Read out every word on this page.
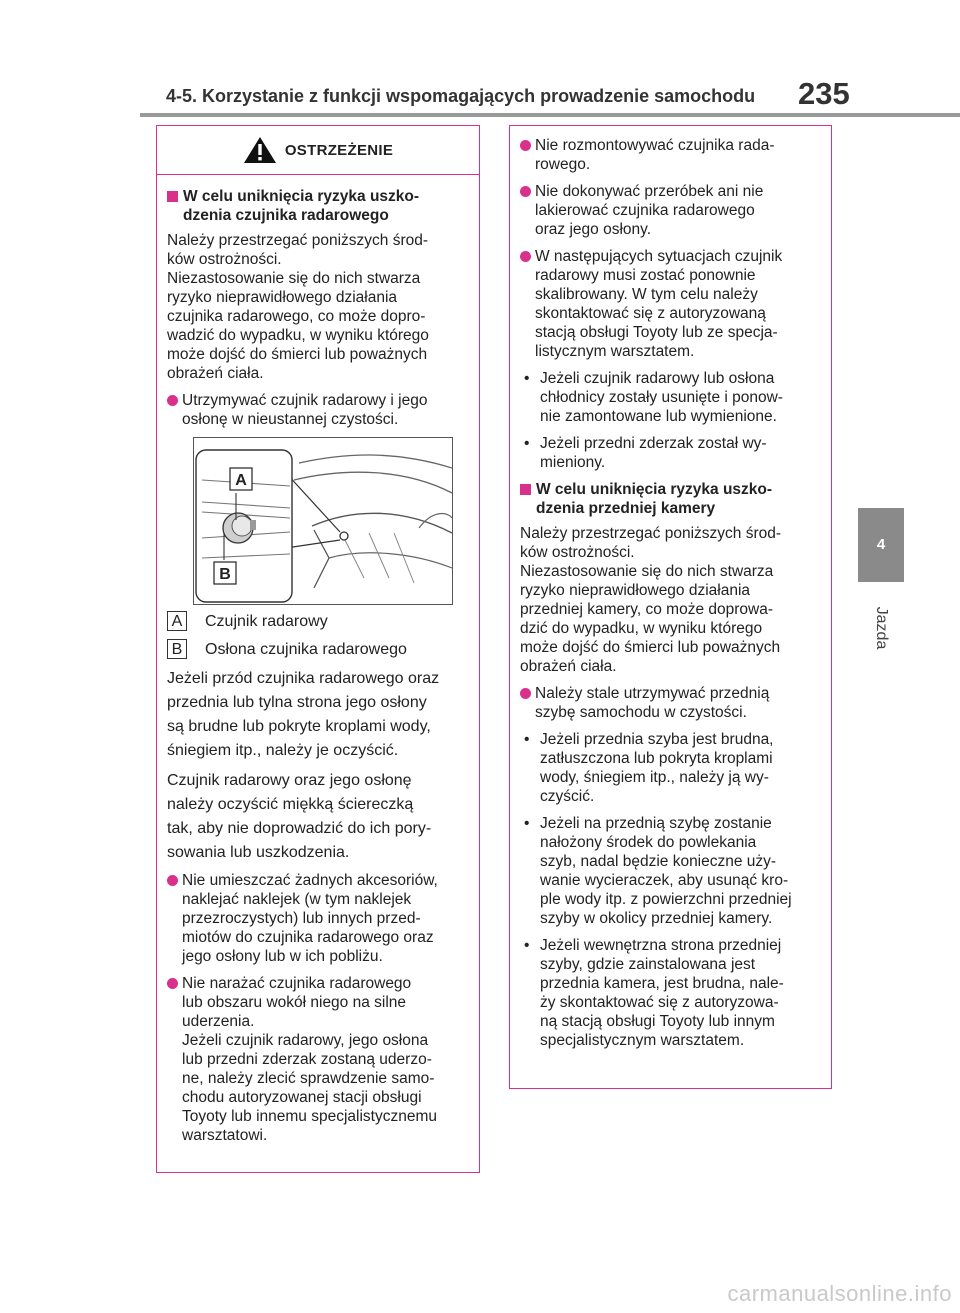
4-5. Korzystanie z funkcji wspomagających prowadzenie samochodu 235
4
Jazda
OSTRZEŻENIE
W celu uniknięcia ryzyka uszko-
dzenia czujnika radarowego
Należy przestrzegać poniższych środ-
ków ostrożności.
Niezastosowanie się do nich stwarza
ryzyko nieprawidłowego działania
czujnika radarowego, co może dopro-
wadzić do wypadku, w wyniku którego
może dojść do śmierci lub poważnych
obrażeń ciała.
Utrzymywać czujnik radarowy i jego
osłonę w nieustannej czystości.
A
B
A Czujnik radarowy
B Osłona czujnika radarowego
Jeżeli przód czujnika radarowego oraz
przednia lub tylna strona jego osłony
są brudne lub pokryte kroplami wody,
śniegiem itp., należy je oczyścić.
Czujnik radarowy oraz jego osłonę
należy oczyścić miękką ściereczką
tak, aby nie doprowadzić do ich pory-
sowania lub uszkodzenia.
Nie umieszczać żadnych akcesoriów,
naklejać naklejek (w tym naklejek
przezroczystych) lub innych przed-
miotów do czujnika radarowego oraz
jego osłony lub w ich pobliżu.
Nie narażać czujnika radarowego
lub obszaru wokół niego na silne
uderzenia.
Jeżeli czujnik radarowy, jego osłona
lub przedni zderzak zostaną uderzo-
ne, należy zlecić sprawdzenie samo-
chodu autoryzowanej stacji obsługi
Toyoty lub innemu specjalistycznemu
warsztatowi.
Nie rozmontowywać czujnika rada-
rowego.
Nie dokonywać przeróbek ani nie
lakierować czujnika radarowego
oraz jego osłony.
W następujących sytuacjach czujnik
radarowy musi zostać ponownie
skalibrowany. W tym celu należy
skontaktować się z autoryzowaną
stacją obsługi Toyoty lub ze specja-
listycznym warsztatem.
• Jeżeli czujnik radarowy lub osłona
chłodnicy zostały usunięte i ponow-
nie zamontowane lub wymienione.
• Jeżeli przedni zderzak został wy-
mieniony.
W celu uniknięcia ryzyka uszko-
dzenia przedniej kamery
Należy przestrzegać poniższych środ-
ków ostrożności.
Niezastosowanie się do nich stwarza
ryzyko nieprawidłowego działania
przedniej kamery, co może doprowa-
dzić do wypadku, w wyniku którego
może dojść do śmierci lub poważnych
obrażeń ciała.
Należy stale utrzymywać przednią
szybę samochodu w czystości.
• Jeżeli przednia szyba jest brudna,
zatłuszczona lub pokryta kroplami
wody, śniegiem itp., należy ją wy-
czyścić.
• Jeżeli na przednią szybę zostanie
nałożony środek do powlekania
szyb, nadal będzie konieczne uży-
wanie wycieraczek, aby usunąć kro-
ple wody itp. z powierzchni przedniej
szyby w okolicy przedniej kamery.
• Jeżeli wewnętrzna strona przedniej
szyby, gdzie zainstalowana jest
przednia kamera, jest brudna, nale-
ży skontaktować się z autoryzowa-
ną stacją obsługi Toyoty lub innym
specjalistycznym warsztatem.
carmanualsonline.info
